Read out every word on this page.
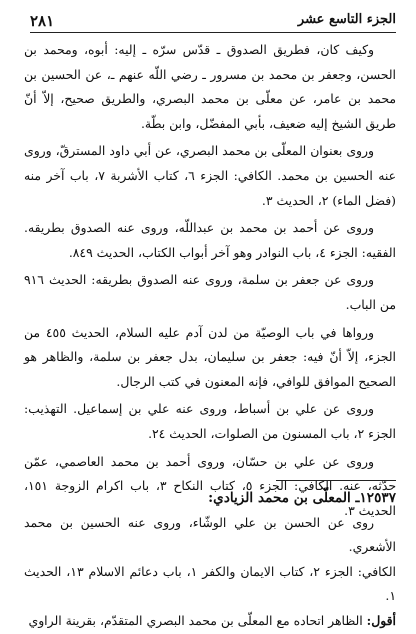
٢٨١	الجزء التاسع عشر

وكيف كان، فطريق الصدوق ـ قدّس سرّه ـ إليه: أبوه، ومحمد بن الحسن، وجعفر بن محمد بن مسرور ـ رضي اللّه عنهم ـ، عن الحسين بن محمد بن عامر، عن معلّى بن محمد البصري، والطريق صحيح، إلاّ أنّ طريق الشيخ إليه ضعيف، بأبي المفضّل، وابن بطّة.

وروى بعنوان المعلّى بن محمد البصري، عن أبي داود المسترقّ، وروى عنه الحسين بن محمد. الكافي: الجزء ٦، كتاب الأشربة ٧، باب آخر منه (فضل الماء) ٢، الحديث ٣.

وروى عن أحمد بن محمد بن عبداللّه، وروى عنه الصدوق بطريقه. الفقيه: الجزء ٤، باب النوادر وهو آخر أبواب الكتاب، الحديث ٨٤٩.

وروى عن جعفر بن سلمة، وروى عنه الصدوق بطريقه: الحديث ٩١٦ من الباب.

ورواها في باب الوصيّة من لدن آدم عليه السلام، الحديث ٤٥٥ من الجزء، إلاّ أنّ فيه: جعفر بن سليمان، بدل جعفر بن سلمة، والظاهر هو الصحيح الموافق للوافي، فإنه المعنون في كتب الرجال.

وروى عن علي بن أسباط، وروى عنه علي بن إسماعيل. التهذيب: الجزء ٢، باب المسنون من الصلوات، الحديث ٢٤.

وروى عن علي بن حسّان، وروى أحمد بن محمد العاصمي، عمّن حدّثه، عنه. الكافي: الجزء ٥، كتاب النكاح ٣، باب اكرام الزوجة ١٥١، الحديث ٣.

١٢٥٣٧ـ المعلّى بن محمد الزيادي:

روى عن الحسن بن علي الوشّاء، وروى عنه الحسين بن محمد الأشعري.

الكافي: الجزء ٢، كتاب الايمان والكفر ١، باب دعائم الاسلام ١٣، الحديث ١.

أقول: الظاهر اتحاده مع المعلّى بن محمد البصري المتقدّم، بقرينة الراوي
